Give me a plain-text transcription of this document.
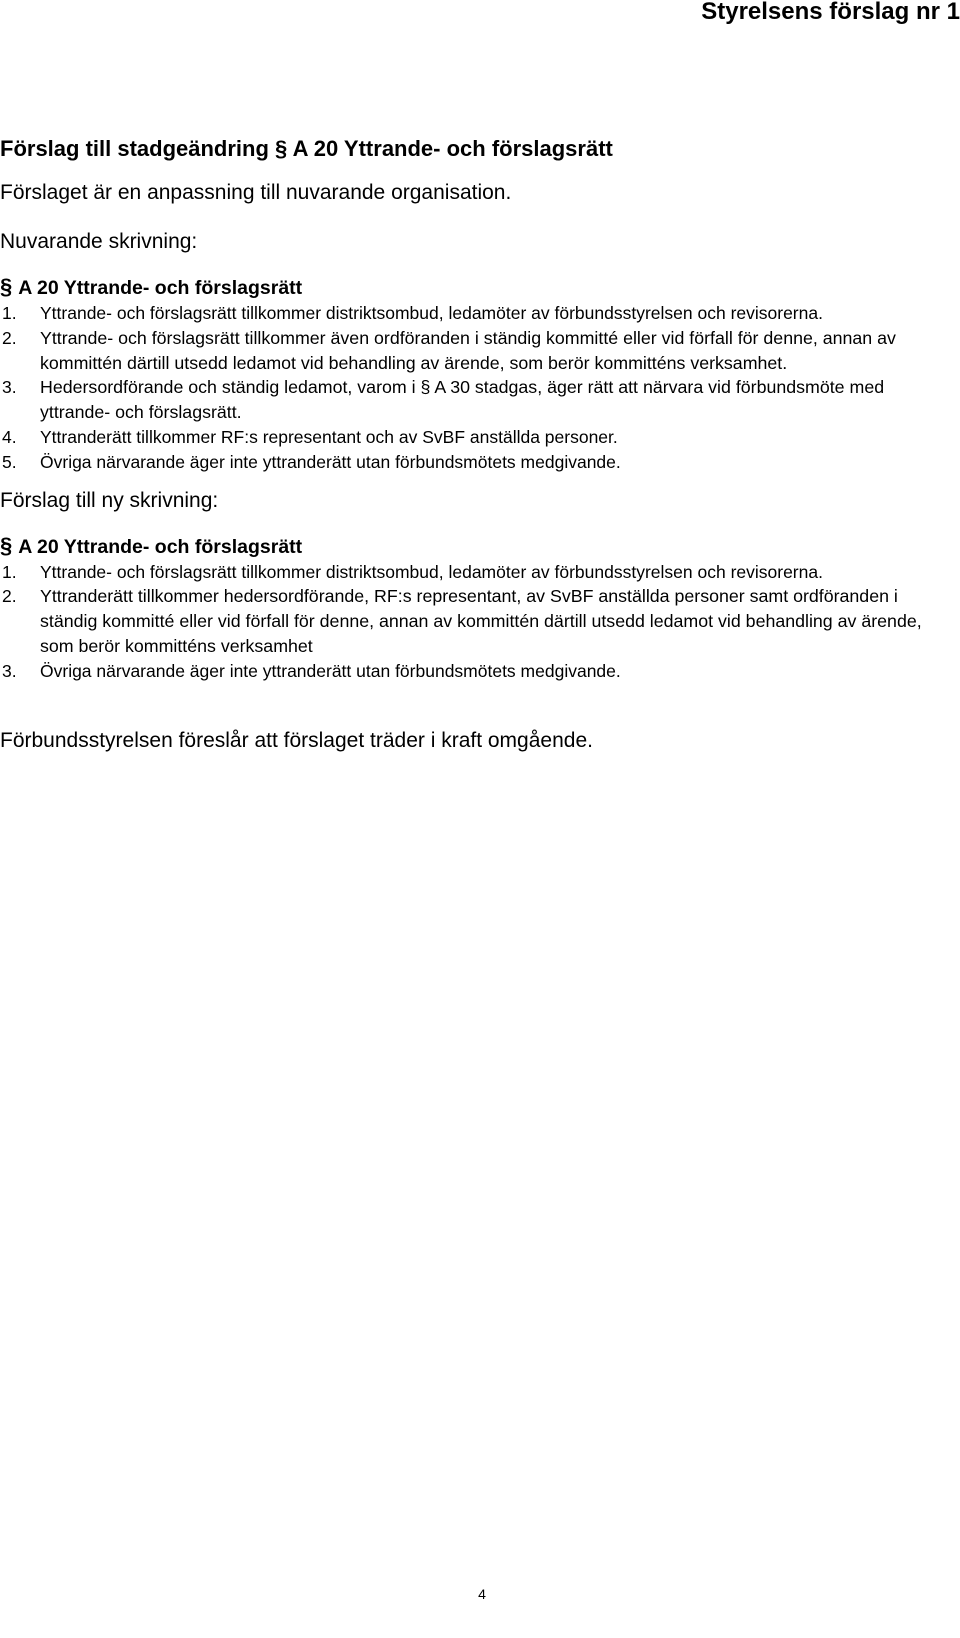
Styrelsens förslag nr 1

Förslag till stadgeändring § A 20 Yttrande- och förslagsrätt

Förslaget är en anpassning till nuvarande organisation.

Nuvarande skrivning:

§ A 20 Yttrande- och förslagsrätt
1.	Yttrande- och förslagsrätt tillkommer distriktsombud, ledamöter av förbundsstyrelsen och revisorerna.
2.	Yttrande- och förslagsrätt tillkommer även ordföranden i ständig kommitté eller vid förfall för denne, annan av kommittén därtill utsedd ledamot vid behandling av ärende, som berör kommitténs verksamhet.
3.	Hedersordförande och ständig ledamot, varom i § A 30 stadgas, äger rätt att närvara vid förbundsmöte med yttrande- och förslagsrätt.
4.	Yttranderätt tillkommer RF:s representant och av SvBF anställda personer.
5.	Övriga närvarande äger inte yttranderätt utan förbundsmötets medgivande.

Förslag till ny skrivning:

§ A 20 Yttrande- och förslagsrätt
1.	Yttrande- och förslagsrätt tillkommer distriktsombud, ledamöter av förbundsstyrelsen och revisorerna.
2.	Yttranderätt tillkommer hedersordförande, RF:s representant, av SvBF anställda personer samt ordföranden i ständig kommitté eller vid förfall för denne, annan av kommittén därtill utsedd ledamot vid behandling av ärende, som berör kommitténs verksamhet
3.	Övriga närvarande äger inte yttranderätt utan förbundsmötets medgivande.

Förbundsstyrelsen föreslår att förslaget träder i kraft omgående.

4
